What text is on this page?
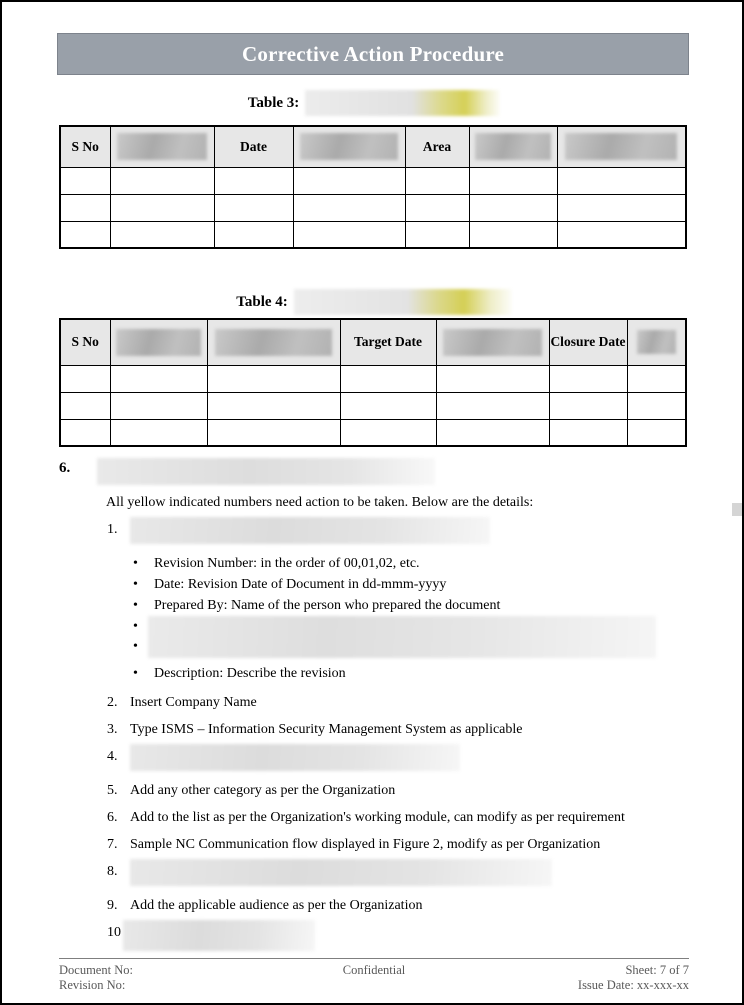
Corrective Action Procedure
Table 3:
S No		Date		Area	

Table 4:
S No			Target Date		Closure Date	

6.

All yellow indicated numbers need action to be taken. Below are the details:

1.
• Revision Number: in the order of 00,01,02, etc.
• Date: Revision Date of Document in dd-mmm-yyyy
• Prepared By: Name of the person who prepared the document
•
•
• Description: Describe the revision
2. Insert Company Name
3. Type ISMS – Information Security Management System as applicable
4.
5. Add any other category as per the Organization
6. Add to the list as per the Organization's working module, can modify as per requirement
7. Sample NC Communication flow displayed in Figure 2, modify as per Organization
8.
9. Add the applicable audience as per the Organization
10
Document No:
Revision No:
Confidential	Sheet: 7 of 7
Issue Date: xx-xxx-xx
